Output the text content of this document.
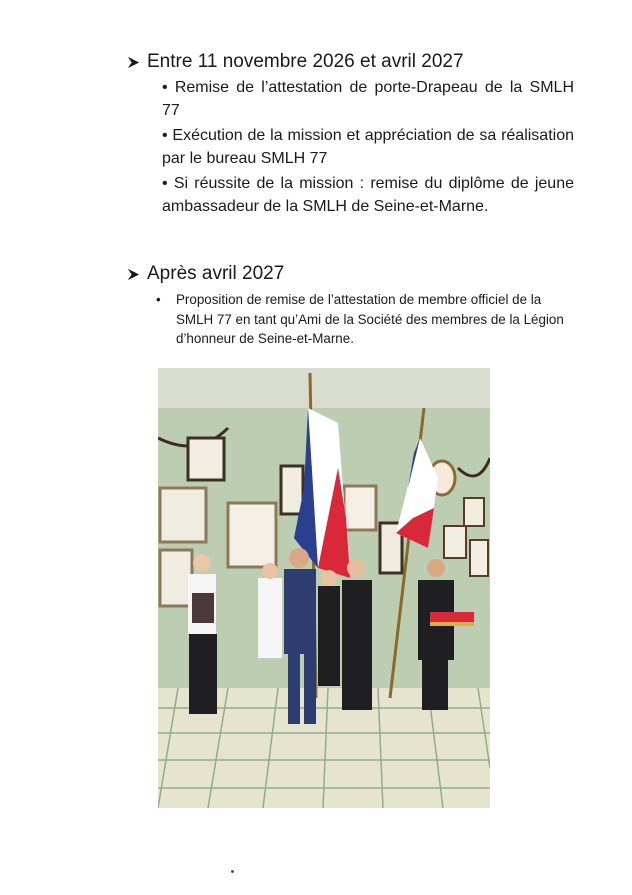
Entre 11 novembre 2026 et avril 2027

• Remise de l’attestation de porte-Drapeau de la SMLH 77

• Exécution de la mission et appréciation de sa réalisation par le bureau SMLH 77

• Si réussite de la mission : remise du diplôme de jeune ambassadeur de la SMLH de Seine-et-Marne.

Après avril 2027
•	Proposition de remise de l’attestation de membre officiel de la SMLH 77 en tant qu’Ami de la Société des membres de la Légion d’honneur de Seine-et-Marne.
